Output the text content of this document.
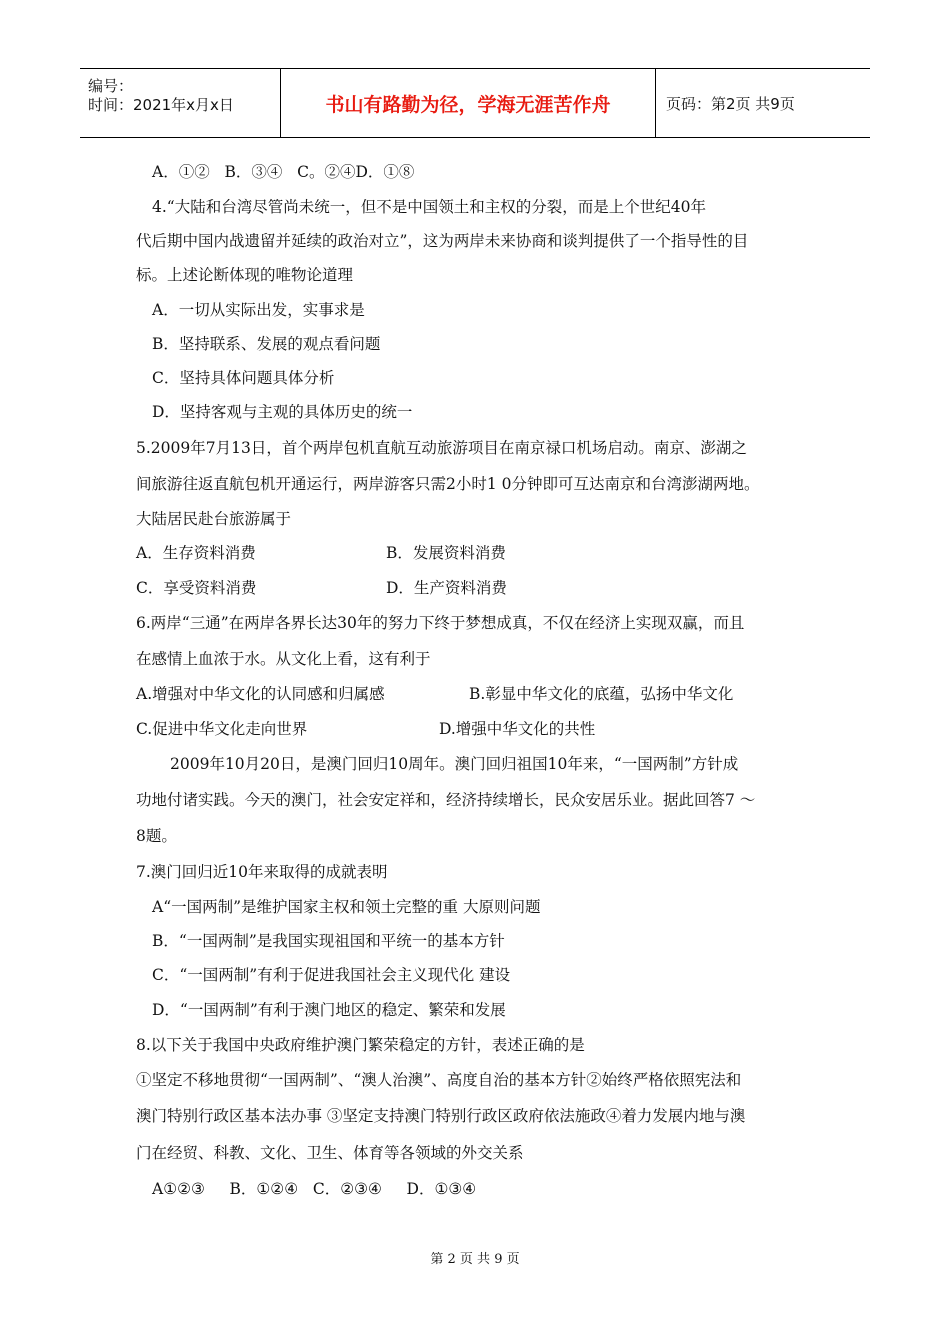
编号：
时间：2021年x月x日	书山有路勤为径，学海无涯苦作舟	页码：第2页 共9页
A．①②   B．③④   C。②④D．①⑧
4.“大陆和台湾尽管尚未统一，但不是中国领土和主权的分裂，而是上个世纪40年
代后期中国内战遗留并延续的政治对立”，这为两岸未来协商和谈判提供了一个指导性的目
标。上述论断体现的唯物论道理
A．一切从实际出发，实事求是
B．坚持联系、发展的观点看问题
C．坚持具体问题具体分析
D．坚持客观与主观的具体历史的统一
5.2009年7月13日，首个两岸包机直航互动旅游项目在南京禄口机场启动。南京、澎湖之
间旅游往返直航包机开通运行，两岸游客只需2小时1 0分钟即可互达南京和台湾澎湖两地。
大陆居民赴台旅游属于
A．生存资料消费	B．发展资料消费
C．享受资料消费	D．生产资料消费
6.两岸“三通”在两岸各界长达30年的努力下终于梦想成真，不仅在经济上实现双赢，而且
在感情上血浓于水。从文化上看，这有利于
A.增强对中华文化的认同感和归属感	B.彰显中华文化的底蕴，弘扬中华文化
C.促进中华文化走向世界	D.增强中华文化的共性
2009年10月20日，是澳门回归10周年。澳门回归祖国10年来，“一国两制”方针成
功地付诸实践。今天的澳门，社会安定祥和，经济持续增长，民众安居乐业。据此回答7 ～
8题。
7.澳门回归近10年来取得的成就表明
A“一国两制”是维护国家主权和领土完整的重 大原则问题
B．“一国两制”是我国实现祖国和平统一的基本方针
C．“一国两制”有利于促进我国社会主义现代化 建设
D．“一国两制”有利于澳门地区的稳定、繁荣和发展
8.以下关于我国中央政府维护澳门繁荣稳定的方针，表述正确的是
①坚定不移地贯彻“一国两制”、“澳人治澳”、高度自治的基本方针②始终严格依照宪法和
澳门特别行政区基本法办事 ③坚定支持澳门特别行政区政府依法施政④着力发展内地与澳
门在经贸、科教、文化、卫生、体育等各领域的外交关系
A①②③     B．①②④   C．②③④     D．①③④
第 2 页 共 9 页
